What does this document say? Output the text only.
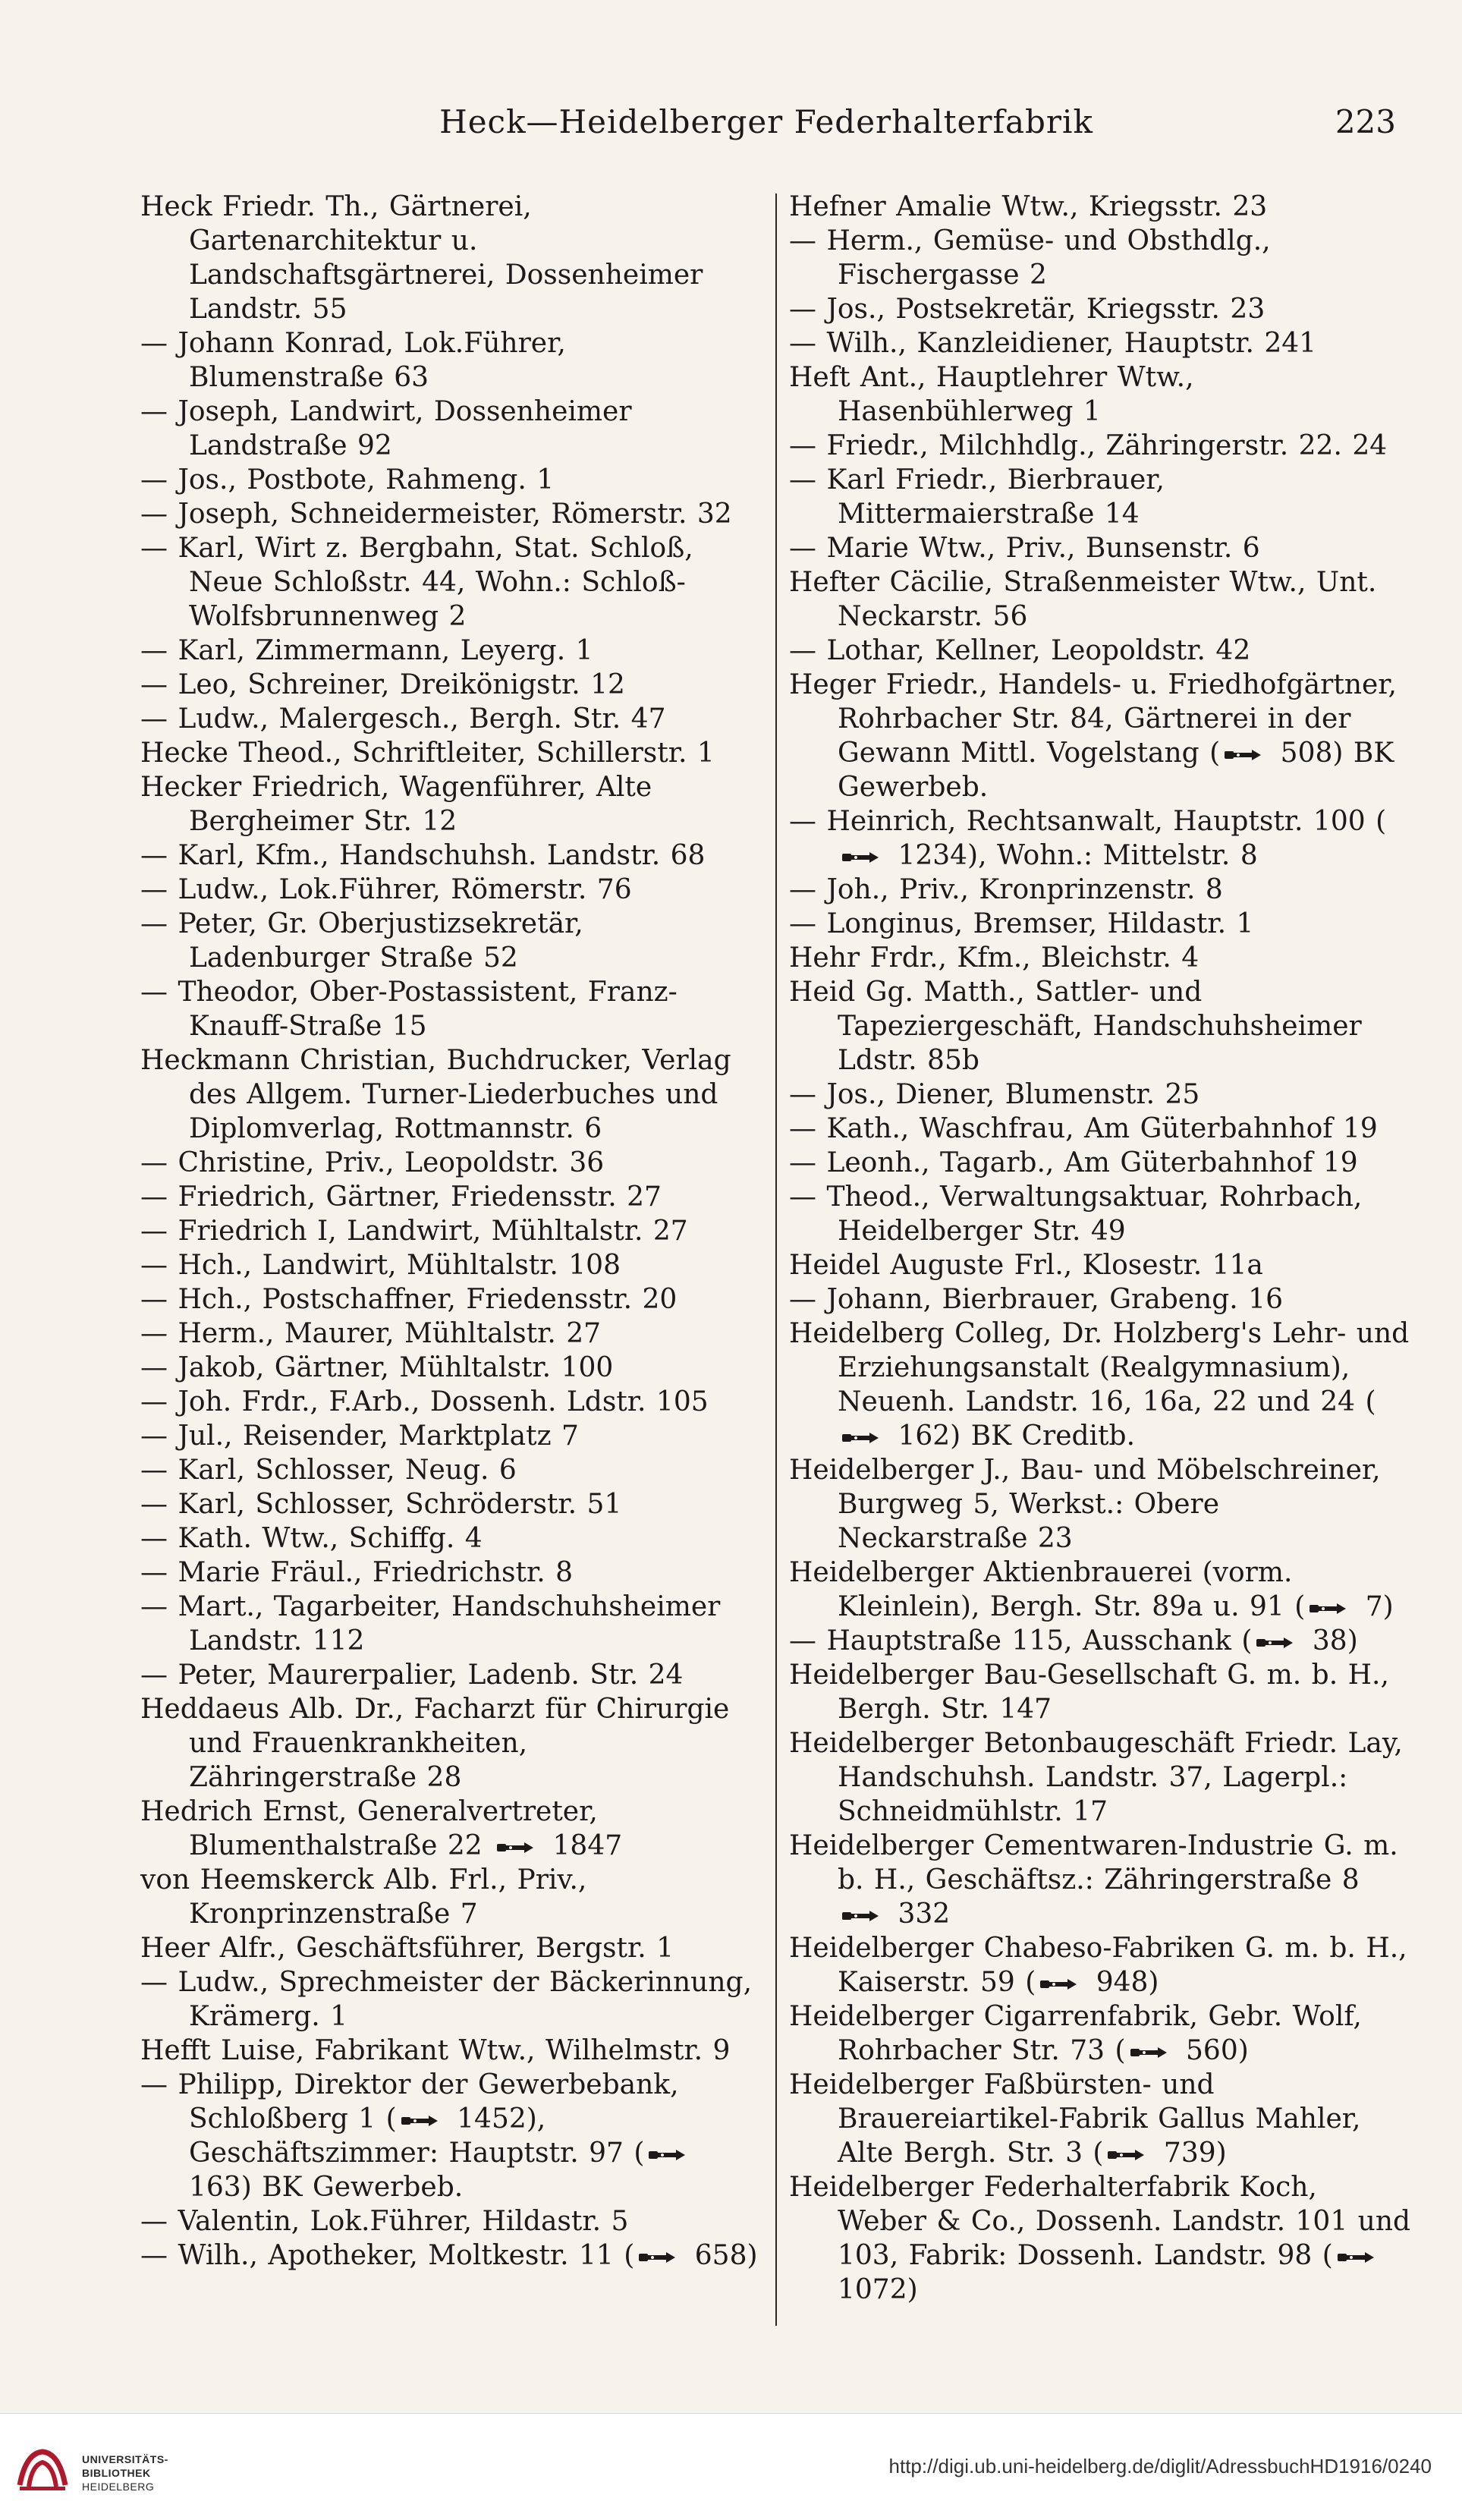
Heck—Heidelberger Federhalterfabrik	223
Heck Friedr. Th., Gärtnerei, Gartenarchitektur u. Landschaftsgärtnerei, Dossenheimer Landstr. 55
— Johann Konrad, Lok.Führer, Blumenstraße 63
— Joseph, Landwirt, Dossenheimer Landstraße 92
— Jos., Postbote, Rahmeng. 1
— Joseph, Schneidermeister, Römerstr. 32
— Karl, Wirt z. Bergbahn, Stat. Schloß, Neue Schloßstr. 44, Wohn.: Schloß-Wolfsbrunnenweg 2
— Karl, Zimmermann, Leyerg. 1
— Leo, Schreiner, Dreikönigstr. 12
— Ludw., Malergesch., Bergh. Str. 47
Hecke Theod., Schriftleiter, Schillerstr. 1
Hecker Friedrich, Wagenführer, Alte Bergheimer Str. 12
— Karl, Kfm., Handschuhsh. Landstr. 68
— Ludw., Lok.Führer, Römerstr. 76
— Peter, Gr. Oberjustizsekretär, Ladenburger Straße 52
— Theodor, Ober-Postassistent, Franz-Knauff-Straße 15
Heckmann Christian, Buchdrucker, Verlag des Allgem. Turner-Liederbuches und Diplomverlag, Rottmannstr. 6
— Christine, Priv., Leopoldstr. 36
— Friedrich, Gärtner, Friedensstr. 27
— Friedrich I, Landwirt, Mühltalstr. 27
— Hch., Landwirt, Mühltalstr. 108
— Hch., Postschaffner, Friedensstr. 20
— Herm., Maurer, Mühltalstr. 27
— Jakob, Gärtner, Mühltalstr. 100
— Joh. Frdr., F.Arb., Dossenh. Ldstr. 105
— Jul., Reisender, Marktplatz 7
— Karl, Schlosser, Neug. 6
— Karl, Schlosser, Schröderstr. 51
— Kath. Wtw., Schiffg. 4
— Marie Fräul., Friedrichstr. 8
— Mart., Tagarbeiter, Handschuhsheimer Landstr. 112
— Peter, Maurerpalier, Ladenb. Str. 24
Heddaeus Alb. Dr., Facharzt für Chirurgie und Frauenkrankheiten, Zähringerstraße 28
Hedrich Ernst, Generalvertreter, Blumenthalstraße 22
1847
von Heemskerck Alb. Frl., Priv., Kronprinzenstraße 7
Heer Alfr., Geschäftsführer, Bergstr. 1
— Ludw., Sprechmeister der Bäckerinnung, Krämerg. 1
Hefft Luise, Fabrikant Wtw., Wilhelmstr. 9
— Philipp, Direktor der Gewerbebank, Schloßberg 1 (
1452), Geschäftszimmer: Hauptstr. 97 (
163) BK Gewerbeb.
— Valentin, Lok.Führer, Hildastr. 5
— Wilh., Apotheker, Moltkestr. 11 (
658)
Hefner Amalie Wtw., Kriegsstr. 23
— Herm., Gemüse- und Obsthdlg., Fischergasse 2
— Jos., Postsekretär, Kriegsstr. 23
— Wilh., Kanzleidiener, Hauptstr. 241
Heft Ant., Hauptlehrer Wtw., Hasenbühlerweg 1
— Friedr., Milchhdlg., Zähringerstr. 22. 24
— Karl Friedr., Bierbrauer, Mittermaierstraße 14
— Marie Wtw., Priv., Bunsenstr. 6
Hefter Cäcilie, Straßenmeister Wtw., Unt. Neckarstr. 56
— Lothar, Kellner, Leopoldstr. 42
Heger Friedr., Handels- u. Friedhofgärtner, Rohrbacher Str. 84, Gärtnerei in der Gewann Mittl. Vogelstang (
508) BK Gewerbeb.
— Heinrich, Rechtsanwalt, Hauptstr. 100 (
1234), Wohn.: Mittelstr. 8
— Joh., Priv., Kronprinzenstr. 8
— Longinus, Bremser, Hildastr. 1
Hehr Frdr., Kfm., Bleichstr. 4
Heid Gg. Matth., Sattler- und Tapeziergeschäft, Handschuhsheimer Ldstr. 85b
— Jos., Diener, Blumenstr. 25
— Kath., Waschfrau, Am Güterbahnhof 19
— Leonh., Tagarb., Am Güterbahnhof 19
— Theod., Verwaltungsaktuar, Rohrbach, Heidelberger Str. 49
Heidel Auguste Frl., Klosestr. 11a
— Johann, Bierbrauer, Grabeng. 16
Heidelberg Colleg, Dr. Holzberg's Lehr- und Erziehungsanstalt (Realgymnasium), Neuenh. Landstr. 16, 16a, 22 und 24 (
162) BK Creditb.
Heidelberger J., Bau- und Möbelschreiner, Burgweg 5, Werkst.: Obere Neckarstraße 23
Heidelberger Aktienbrauerei (vorm. Kleinlein), Bergh. Str. 89a u. 91 (
7)
— Hauptstraße 115, Ausschank (
38)
Heidelberger Bau-Gesellschaft G. m. b. H., Bergh. Str. 147
Heidelberger Betonbaugeschäft Friedr. Lay, Handschuhsh. Landstr. 37, Lagerpl.: Schneidmühlstr. 17
Heidelberger Cementwaren-Industrie G. m. b. H., Geschäftsz.: Zähringerstraße 8
332
Heidelberger Chabeso-Fabriken G. m. b. H., Kaiserstr. 59 (
948)
Heidelberger Cigarrenfabrik, Gebr. Wolf, Rohrbacher Str. 73 (
560)
Heidelberger Faßbürsten- und Brauereiartikel-Fabrik Gallus Mahler, Alte Bergh. Str. 3 (
739)
Heidelberger Federhalterfabrik Koch, Weber & Co., Dossenh. Landstr. 101 und 103, Fabrik: Dossenh. Landstr. 98 (
1072)
UNIVERSITÄTS-
BIBLIOTHEK
HEIDELBERG
http://digi.ub.uni-heidelberg.de/diglit/AdressbuchHD1916/0240
